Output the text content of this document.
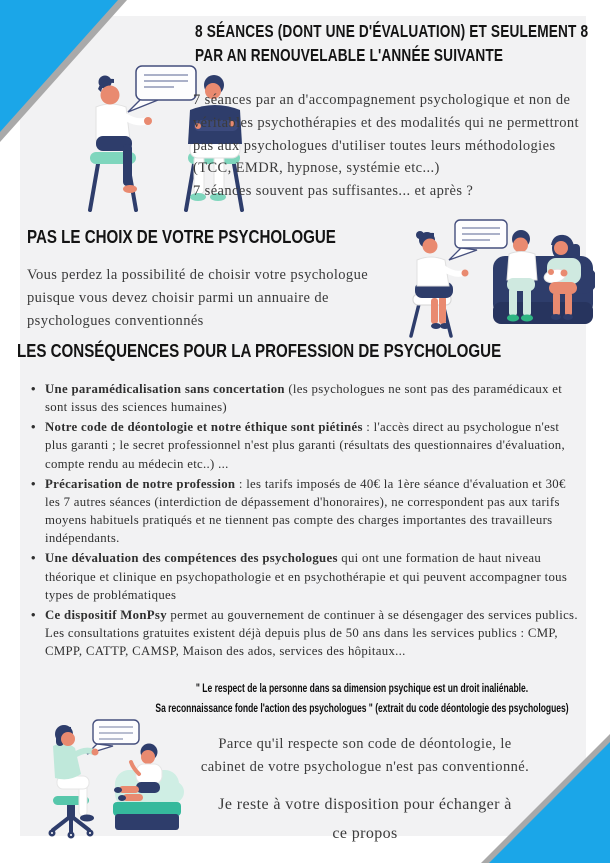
8 SÉANCES (DONT UNE D'ÉVALUATION) ET SEULEMENT 8 PAR AN RENOUVELABLE L'ANNÉE SUIVANTE
7 séances par an d'accompagnement psychologique et non de véritables psychothérapies et des modalités qui ne permettront pas aux psychologues d'utiliser toutes leurs méthodologies (TCC, EMDR, hypnose, systémie etc...)
7 séances souvent pas suffisantes... et après ?
PAS LE CHOIX DE VOTRE PSYCHOLOGUE
Vous perdez la possibilité de choisir votre psychologue puisque vous devez choisir parmi un annuaire de psychologues conventionnés
LES CONSÉQUENCES POUR LA PROFESSION DE PSYCHOLOGUE
• Une paramédicalisation sans concertation (les psychologues ne sont pas des paramédicaux et sont issus des sciences humaines)
• Notre code de déontologie et notre éthique sont piétinés : l'accès direct au psychologue n'est plus garanti ; le secret professionnel n'est plus garanti (résultats des questionnaires d'évaluation, compte rendu au médecin etc..) ...
• Précarisation de notre profession : les tarifs imposés de 40€ la 1ère séance d'évaluation et 30€ les 7 autres séances (interdiction de dépassement d'honoraires), ne correspondent pas aux tarifs moyens habituels pratiqués et ne tiennent pas compte des charges importantes des travailleurs indépendants.
• Une dévaluation des compétences des psychologues qui ont une formation de haut niveau théorique et clinique en psychopathologie et en psychothérapie et qui peuvent accompagner tous types de problématiques
• Ce dispositif MonPsy permet au gouvernement de continuer à se désengager des services publics. Les consultations gratuites existent déjà depuis plus de 50 ans dans les services publics : CMP, CMPP, CATTP, CAMSP, Maison des ados, services des hôpitaux...
" Le respect de la personne dans sa dimension psychique est un droit inaliénable.
Sa reconnaissance fonde l'action des psychologues " (extrait du code déontologie des psychologues)
Parce qu'il respecte son code de déontologie, le cabinet de votre psychologue n'est pas conventionné.
Je reste à votre disposition pour échanger à ce propos
